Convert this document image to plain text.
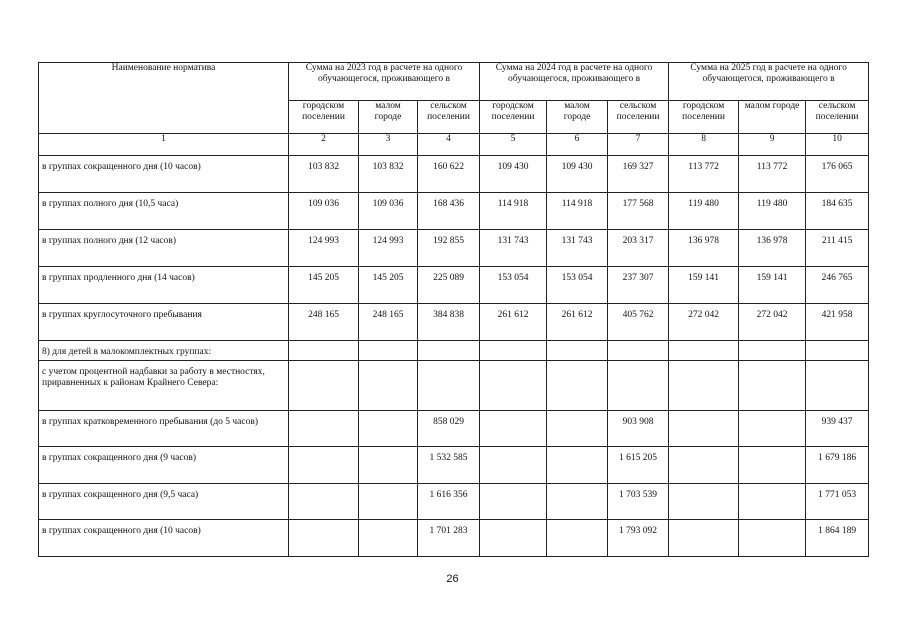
Наименование норматива	Сумма на 2023 год в расчете на одного обучающегося, проживающего в			Сумма на 2024 год в расчете на одного обучающегося, проживающего в			Сумма на 2025 год в расчете на одного обучающегося, проживающего в		
	городском поселении	малом городе	сельском поселении	городском поселении	малом городе	сельском поселении	городском поселении	малом городе	сельском поселении
1	2	3	4	5	6	7	8	9	10
в группах сокращенного дня (10 часов)	103 832	103 832	160 622	109 430	109 430	169 327	113 772	113 772	176 065
в группах полного дня (10,5 часа)	109 036	109 036	168 436	114 918	114 918	177 568	119 480	119 480	184 635
в группах полного дня (12 часов)	124 993	124 993	192 855	131 743	131 743	203 317	136 978	136 978	211 415
в группах продленного дня (14 часов)	145 205	145 205	225 089	153 054	153 054	237 307	159 141	159 141	246 765
в группах круглосуточного пребывания	248 165	248 165	384 838	261 612	261 612	405 762	272 042	272 042	421 958
8) для детей в малокомплектных группах:									
с учетом процентной надбавки за работу в местностях, приравненных к районам Крайнего Севера:									
в группах кратковременного пребывания (до 5 часов)			858 029			903 908			939 437
в группах сокращенного дня (9 часов)			1 532 585			1 615 205			1 679 186
в группах сокращенного дня (9,5 часа)			1 616 356			1 703 539			1 771 053
в группах сокращенного дня (10 часов)			1 701 283			1 793 092			1 864 189
26
